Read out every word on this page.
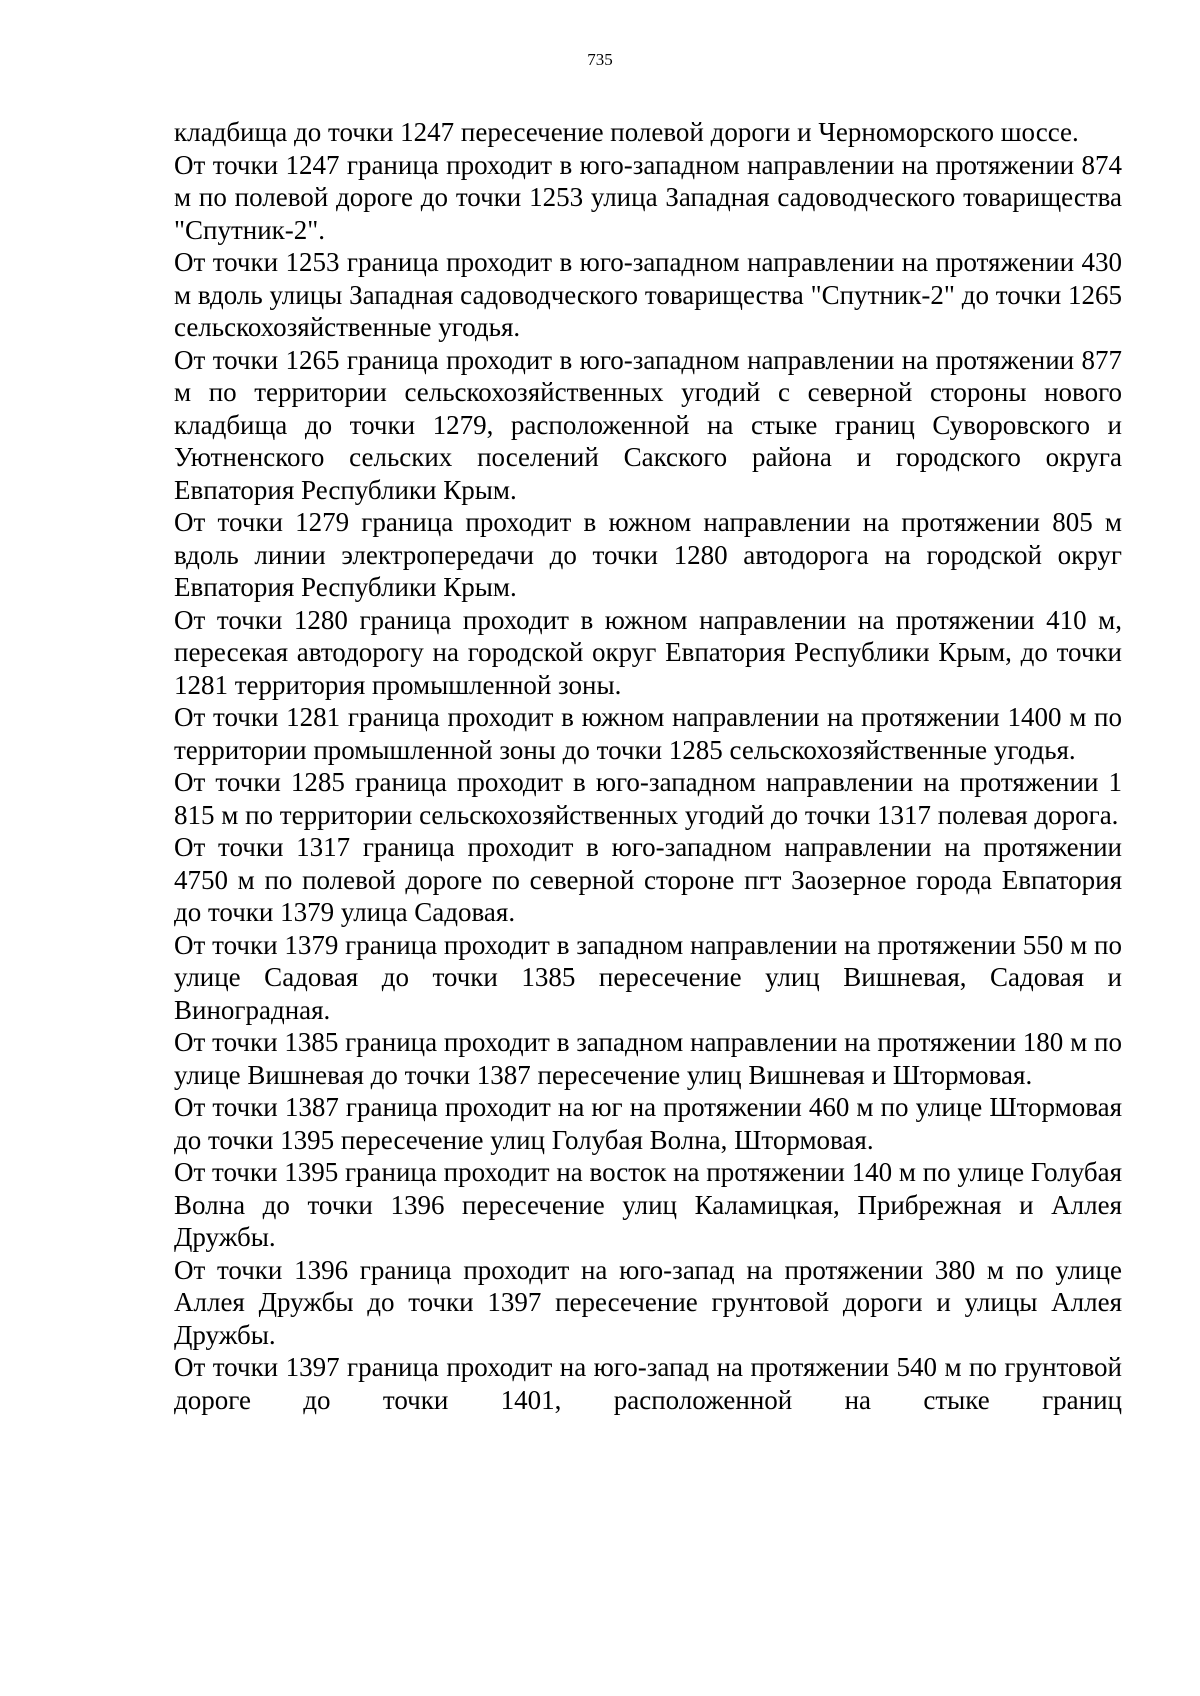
735

кладбища до точки 1247 пересечение полевой дороги и Черноморского шоссе.

От точки 1247 граница проходит в юго-западном направлении на протяжении 874 м по полевой дороге до точки 1253 улица Западная садоводческого товарищества "Спутник-2".

От точки 1253 граница проходит в юго-западном направлении на протяжении 430 м вдоль улицы Западная садоводческого товарищества "Спутник-2" до точки 1265 сельскохозяйственные угодья.

От точки 1265 граница проходит в юго-западном направлении на протяжении 877 м по территории сельскохозяйственных угодий с северной стороны нового кладбища до точки 1279, расположенной на стыке границ Суворовского и Уютненского сельских поселений Сакского района и городского округа Евпатория Республики Крым.

От точки 1279 граница проходит в южном направлении на протяжении 805 м вдоль линии электропередачи до точки 1280 автодорога на городской округ Евпатория Республики Крым.

От точки 1280 граница проходит в южном направлении на протяжении 410 м, пересекая автодорогу на городской округ Евпатория Республики Крым, до точки 1281 территория промышленной зоны.

От точки 1281 граница проходит в южном направлении на протяжении 1400 м по территории промышленной зоны до точки 1285 сельскохозяйственные угодья.

От точки 1285 граница проходит в юго-западном направлении на протяжении 1 815 м по территории сельскохозяйственных угодий до точки 1317 полевая дорога.

От точки 1317 граница проходит в юго-западном направлении на протяжении 4750 м по полевой дороге по северной стороне пгт Заозерное города Евпатория до точки 1379 улица Садовая.

От точки 1379 граница проходит в западном направлении на протяжении 550 м по улице Садовая до точки 1385 пересечение улиц Вишневая, Садовая и Виноградная.

От точки 1385 граница проходит в западном направлении на протяжении 180 м по улице Вишневая до точки 1387 пересечение улиц Вишневая и Штормовая.

От точки 1387 граница проходит на юг на протяжении 460 м по улице Штормовая до точки 1395 пересечение улиц Голубая Волна, Штормовая.

От точки 1395 граница проходит на восток на протяжении 140 м по улице Голубая Волна до точки 1396 пересечение улиц Каламицкая, Прибрежная и Аллея Дружбы.

От точки 1396 граница проходит на юго-запад на протяжении 380 м по улице Аллея Дружбы до точки 1397 пересечение грунтовой дороги и улицы Аллея Дружбы.

От точки 1397 граница проходит на юго-запад на протяжении 540 м по грунтовой дороге до точки 1401, расположенной на стыке границ
